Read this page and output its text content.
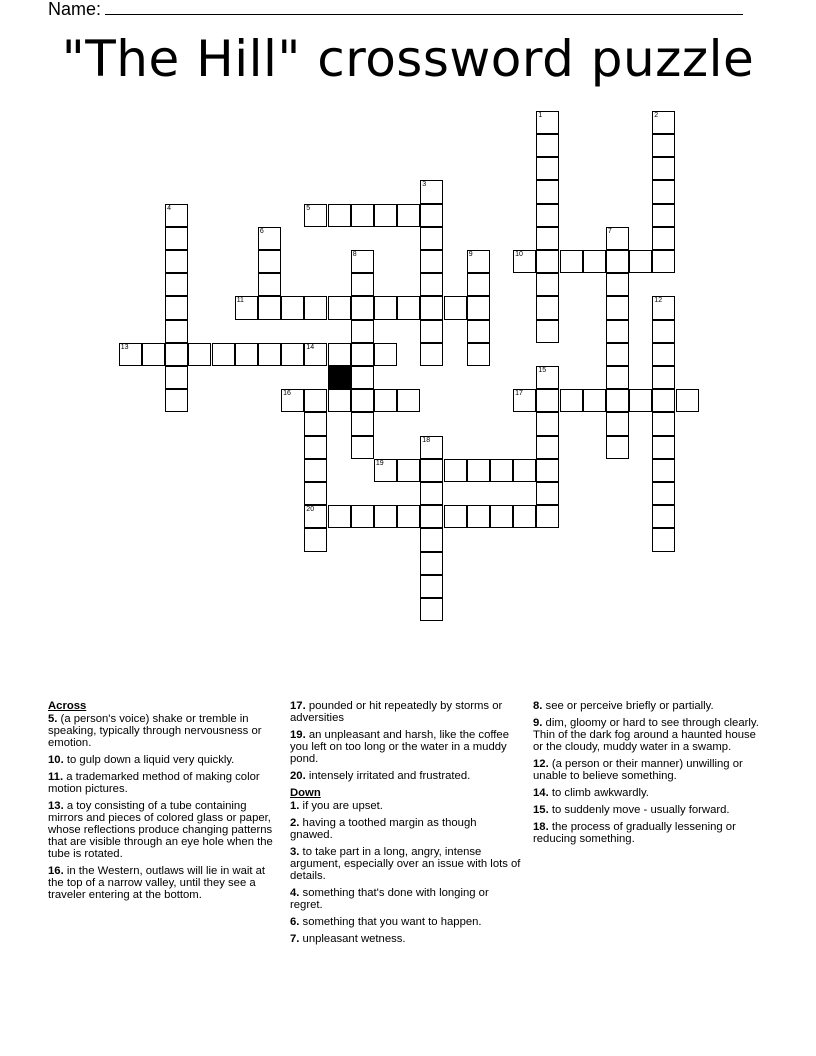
Name:
"The Hill" crossword puzzle
1	2
3
5
4
6	7
8	9	10
11	12
13	14
15
16
20
17
18
19
Across
5. (a person's voice) shake or tremble in speaking, typically through nervousness or emotion.
10. to gulp down a liquid very quickly.
11. a trademarked method of making color motion pictures.
13. a toy consisting of a tube containing mirrors and pieces of colored glass or paper, whose reflections produce changing patterns that are visible through an eye hole when the tube is rotated.
16. in the Western, outlaws will lie in wait at the top of a narrow valley, until they see a traveler entering at the bottom.
17. pounded or hit repeatedly by storms or adversities
19. an unpleasant and harsh, like the coffee you left on too long or the water in a muddy pond.
20. intensely irritated and frustrated.
Down
1. if you are upset.
2. having a toothed margin as though gnawed.
3. to take part in a long, angry, intense argument, especially over an issue with lots of details.
4. something that's done with longing or regret.
6. something that you want to happen.
7. unpleasant wetness.
8. see or perceive briefly or partially.
9. dim, gloomy or hard to see through clearly. Thin of the dark fog around a haunted house or the cloudy, muddy water in a swamp.
12. (a person or their manner) unwilling or unable to believe something.
14. to climb awkwardly.
15. to suddenly move - usually forward.
18. the process of gradually lessening or reducing something.
